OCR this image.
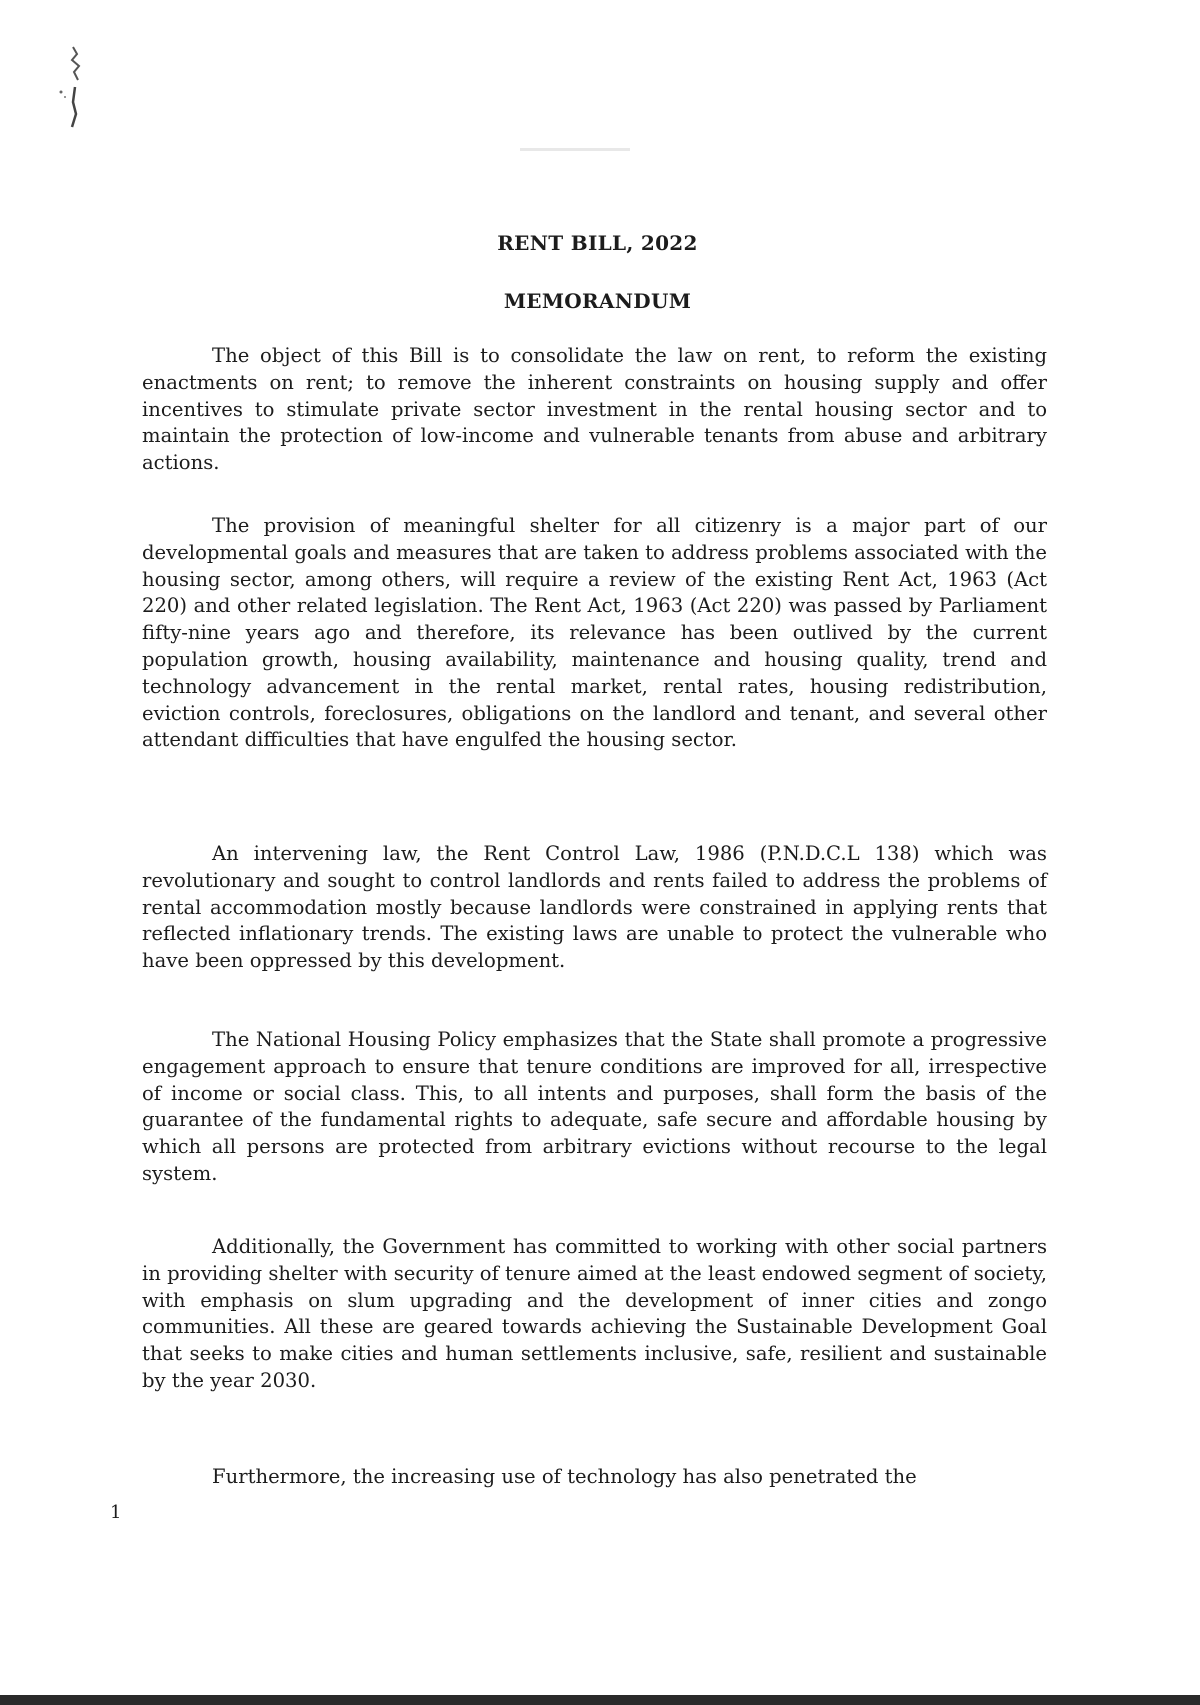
RENT BILL, 2022
MEMORANDUM

The object of this Bill is to consolidate the law on rent, to reform the existing enactments on rent; to remove the inherent constraints on housing supply and offer incentives to stimulate private sector investment in the rental housing sector and to maintain the protection of low-income and vulnerable tenants from abuse and arbitrary actions.

The provision of meaningful shelter for all citizenry is a major part of our developmental goals and measures that are taken to address problems associated with the housing sector, among others, will require a review of the existing Rent Act, 1963 (Act 220) and other related legislation. The Rent Act, 1963 (Act 220) was passed by Parliament fifty-nine years ago and therefore, its relevance has been outlived by the current population growth, housing availability, maintenance and housing quality, trend and technology advancement in the rental market, rental rates, housing redistribution, eviction controls, foreclosures, obligations on the landlord and tenant, and several other attendant difficulties that have engulfed the housing sector.

An intervening law, the Rent Control Law, 1986 (P.N.D.C.L 138) which was revolutionary and sought to control landlords and rents failed to address the problems of rental accommodation mostly because landlords were constrained in applying rents that reflected inflationary trends. The existing laws are unable to protect the vulnerable who have been oppressed by this development.

The National Housing Policy emphasizes that the State shall promote a progressive engagement approach to ensure that tenure conditions are improved for all, irrespective of income or social class. This, to all intents and purposes, shall form the basis of the guarantee of the fundamental rights to adequate, safe secure and affordable housing by which all persons are protected from arbitrary evictions without recourse to the legal system.

Additionally, the Government has committed to working with other social partners in providing shelter with security of tenure aimed at the least endowed segment of society, with emphasis on slum upgrading and the development of inner cities and zongo communities. All these are geared towards achieving the Sustainable Development Goal that seeks to make cities and human settlements inclusive, safe, resilient and sustainable by the year 2030.

Furthermore, the increasing use of technology has also penetrated the

1
